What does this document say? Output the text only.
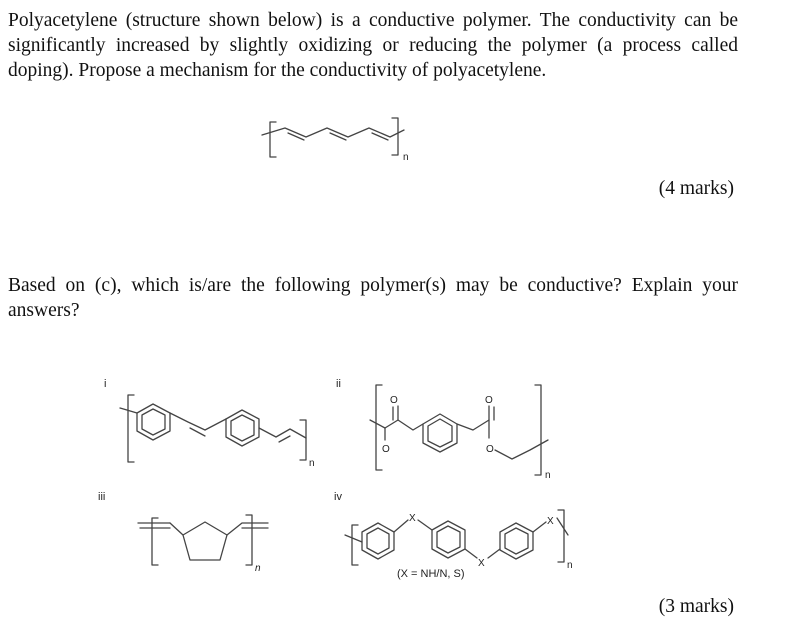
Polyacetylene (structure shown below) is a conductive polymer. The conductivity can be significantly increased by slightly oxidizing or reducing the polymer (a process called doping). Propose a mechanism for the conductivity of polyacetylene.
n
(4 marks)
Based on (c), which is/are the following polymer(s) may be conductive? Explain your answers?
i	ii
iii	iv
n
O
O
O
O
n
n
X
X
X
n
(X = NH/N, S)
(3 marks)
